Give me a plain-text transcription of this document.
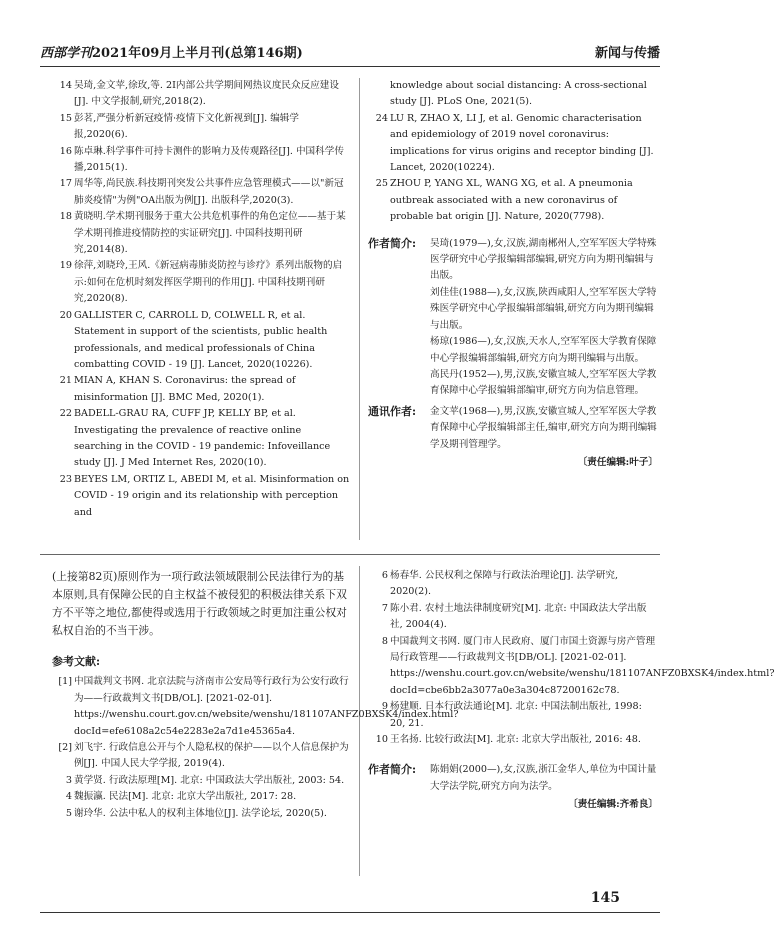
西部学刊2021年09月上半月刊(总第146期)	新闻与传播
14 吴琦,金文苹,徐玫,等. 2I内部公共学期间网热议度民众反应建设[J]. 中文学报制,研究,2018(2).
15 彭茗,严强分析新冠疫情·疫情下文化新视到[J]. 编辑学报,2020(6).
16 陈卓琳.科学事件可持卡测件的影响力及传观路径[J]. 中国科学传播,2015(1).
17 周华等,尚民族.科技期刊突发公共事件应急管理模式——以"新冠肺炎疫情"为例"OA出版为例[J]. 出版科学,2020(3).
18 黄晓明.学术期刊服务于重大公共危机事件的角色定位——基于某学术期刊推进疫情防控的实证研究[J]. 中国科技期刊研究,2014(8).
19 徐萍,刘晓玲,王风.《新冠病毒肺炎防控与诊疗》系列出版物的启示:如何在危机时刻发挥医学期刊的作用[J]. 中国科技期刊研究,2020(8).
20 GALLISTER C, CARROLL D, COLWELL R, et al. Statement in support of the scientists, public health professionals, and medical professionals of China combatting COVID - 19 [J]. Lancet, 2020(10226).
21 MIAN A, KHAN S. Coronavirus: the spread of misinformation [J]. BMC Med, 2020(1).
22 BADELL-GRAU RA, CUFF JP, KELLY BP, et al. Investigating the prevalence of reactive online searching in the COVID - 19 pandemic: Infoveillance study [J]. J Med Internet Res, 2020(10).
23 BEYES LM, ORTIZ L, ABEDI M, et al. Misinformation on COVID - 19 origin and its relationship with perception and
knowledge about social distancing: A cross-sectional study [J]. PLoS One, 2021(5).
24 LU R, ZHAO X, LI J, et al. Genomic characterisation and epidemiology of 2019 novel coronavirus: implications for virus origins and receptor binding [J]. Lancet, 2020(10224).
25 ZHOU P, YANG XL, WANG XG, et al. A pneumonia outbreak associated with a new coronavirus of probable bat origin [J]. Nature, 2020(7798).
作者简介: 吴琦(1979—),女,汉族,湖南郴州人,空军军医大学特殊医学研究中心学报编辑部编辑,研究方向为期刊编辑与出版。

刘佳佳(1988—),女,汉族,陕西咸阳人,空军军医大学特殊医学研究中心学报编辑部编辑,研究方向为期刊编辑与出版。

杨琼(1986—),女,汉族,天水人,空军军医大学教育保障中心学报编辑部编辑,研究方向为期刊编辑与出版。

高民丹(1952—),男,汉族,安徽宣城人,空军军医大学教育保障中心学报编辑部编审,研究方向为信息管理。

通讯作者: 金文苹(1968—),男,汉族,安徽宣城人,空军军医大学教育保障中心学报编辑部主任,编审,研究方向为期刊编辑学及期刊管理学。

〔责任编辑:叶子〕

(上接第82页)原则作为一项行政法领域限制公民法律行为的基本原则,具有保障公民的自主权益不被侵犯的积极法律关系下双方不平等之地位,都使得或选用于行政领域之时更加注重公权对私权自治的不当干涉。

参考文献:
[1] 中国裁判文书网. 北京法院与济南市公安局等行政行为公安行政行为——行政裁判文书[DB/OL]. [2021-02-01]. https://wenshu.court.gov.cn/website/wenshu/181107ANFZ0BXSK4/index.html?docId=efe6108a2c54e2283e2a7d1e45365a4.
[2] 刘飞宇. 行政信息公开与个人隐私权的保护——以个人信息保护为例[J]. 中国人民大学学报, 2019(4).
3 黄学贤. 行政法原理[M]. 北京: 中国政法大学出版社, 2003: 54.
4 魏振瀛. 民法[M]. 北京: 北京大学出版社, 2017: 28.
5 谢玲华. 公法中私人的权利主体地位[J]. 法学论坛, 2020(5).
6 杨春华. 公民权利之保障与行政法治理论[J]. 法学研究, 2020(2).
7 陈小君. 农村土地法律制度研究[M]. 北京: 中国政法大学出版社, 2004(4).
8 中国裁判文书网. 厦门市人民政府、厦门市国土资源与房产管理局行政管理——行政裁判文书[DB/OL]. [2021-02-01]. https://wenshu.court.gov.cn/website/wenshu/181107ANFZ0BXSK4/index.html?docId=cbe6bb2a3077a0e3a304c87200162c78.
9 杨建顺. 日本行政法通论[M]. 北京: 中国法制出版社, 1998: 20, 21.
10 王名扬. 比较行政法[M]. 北京: 北京大学出版社, 2016: 48.
作者简介: 陈娟娟(2000—),女,汉族,浙江金华人,单位为中国计量大学法学院,研究方向为法学。

〔责任编辑:齐希良〕
145
